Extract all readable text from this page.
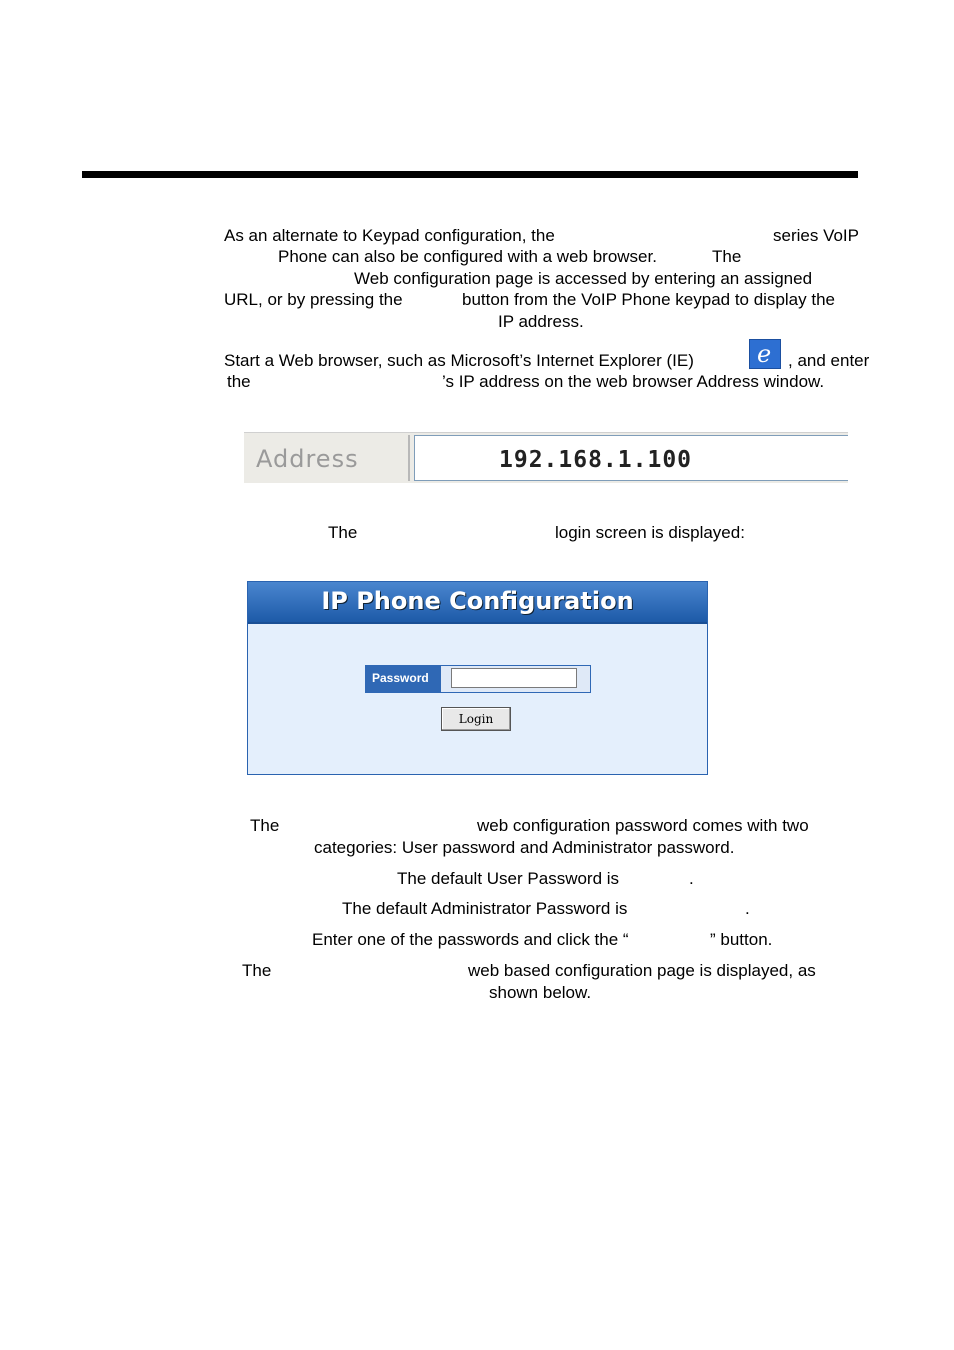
As an alternate to Keypad configuration, the	series VoIP
Phone can also be configured with a web browser.	The
Web configuration page is accessed by entering an assigned
URL, or by pressing the	button from the VoIP Phone keypad to display the
IP address.
Start a Web browser, such as Microsoft’s Internet Explorer (IE)	e , and enter
the	’s IP address on the web browser Address window.
Address	192.168.1.100
The	login screen is displayed:
IP Phone Configuration
Password
Login
The	web configuration password comes with two
categories: User password and Administrator password.
The default User Password is	.
The default Administrator Password is	.
Enter one of the passwords and click the “	” button.
The	web based configuration page is displayed, as
shown below.
